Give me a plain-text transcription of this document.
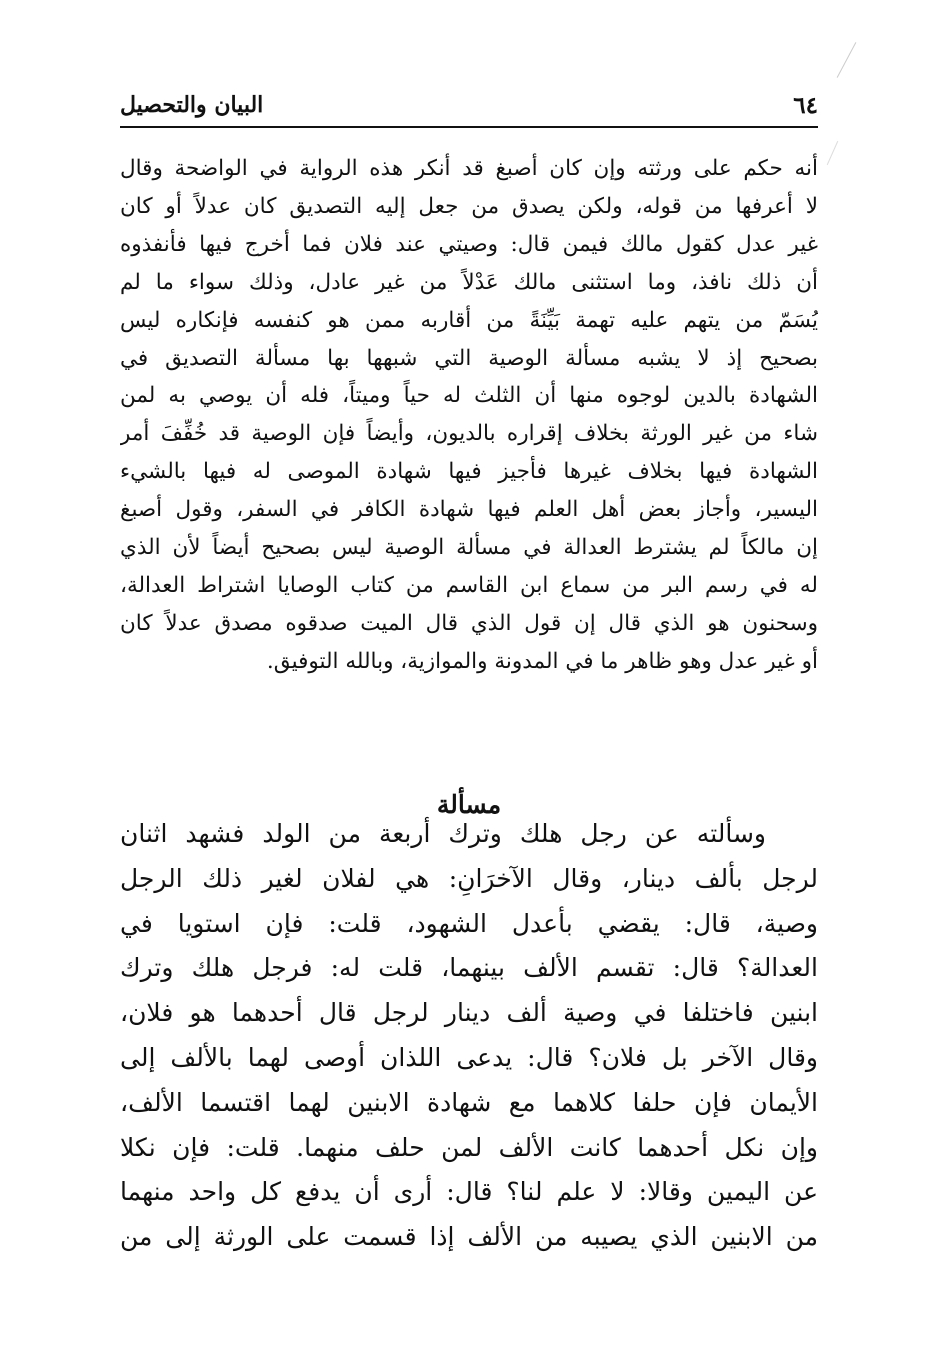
٦٤
البيان والتحصيل
أنه حكم على ورثته وإن كان أصبغ قد أنكر هذه الرواية في الواضحة وقال
لا أعرفها من قوله، ولكن يصدق من جعل إليه التصديق كان عدلاً أو كان
غير عدل كقول مالك فيمن قال: وصيتي عند فلان فما أخرج فيها فأنفذوه
أن ذلك نافذ، وما استثنى مالك عَدْلاً من غير عادل، وذلك سواء ما لم
يُسَمّ من يتهم عليه تهمة بَيِّنَةً من أقاربه ممن هو كنفسه فإنكاره ليس
بصحيح إذ لا يشبه مسألة الوصية التي شبهها بها مسألة التصديق في
الشهادة بالدين لوجوه منها أن الثلث له حياً وميتاً، فله أن يوصي به لمن
شاء من غير الورثة بخلاف إقراره بالديون، وأيضاً فإن الوصية قد خُفِّفَ أمر
الشهادة فيها بخلاف غيرها فأجيز فيها شهادة الموصى له فيها بالشيء
اليسير، وأجاز بعض أهل العلم فيها شهادة الكافر في السفر، وقول أصبغ
إن مالكاً لم يشترط العدالة في مسألة الوصية ليس بصحيح أيضاً لأن الذي
له في رسم البر من سماع ابن القاسم من كتاب الوصايا اشتراط العدالة،
وسحنون هو الذي قال إن قول الذي قال الميت صدقوه مصدق عدلاً كان
أو غير عدل وهو ظاهر ما في المدونة والموازية، وبالله التوفيق.
مسألة
وسألته عن رجل هلك وترك أربعة من الولد فشهد اثنان
لرجل بألف دينار، وقال الآخرَانِ: هي لفلان لغير ذلك الرجل
وصية، قال: يقضي بأعدل الشهود، قلت: فإن استويا في
العدالة؟ قال: تقسم الألف بينهما، قلت له: فرجل هلك وترك
ابنين فاختلفا في وصية ألف دينار لرجل قال أحدهما هو فلان،
وقال الآخر بل فلان؟ قال: يدعى اللذان أوصى لهما بالألف إلى
الأيمان فإن حلفا كلاهما مع شهادة الابنين لهما اقتسما الألف،
وإن نكل أحدهما كانت الألف لمن حلف منهما. قلت: فإن نكلا
عن اليمين وقالا: لا علم لنا؟ قال: أرى أن يدفع كل واحد منهما
من الابنين الذي يصيبه من الألف إذا قسمت على الورثة إلى من
